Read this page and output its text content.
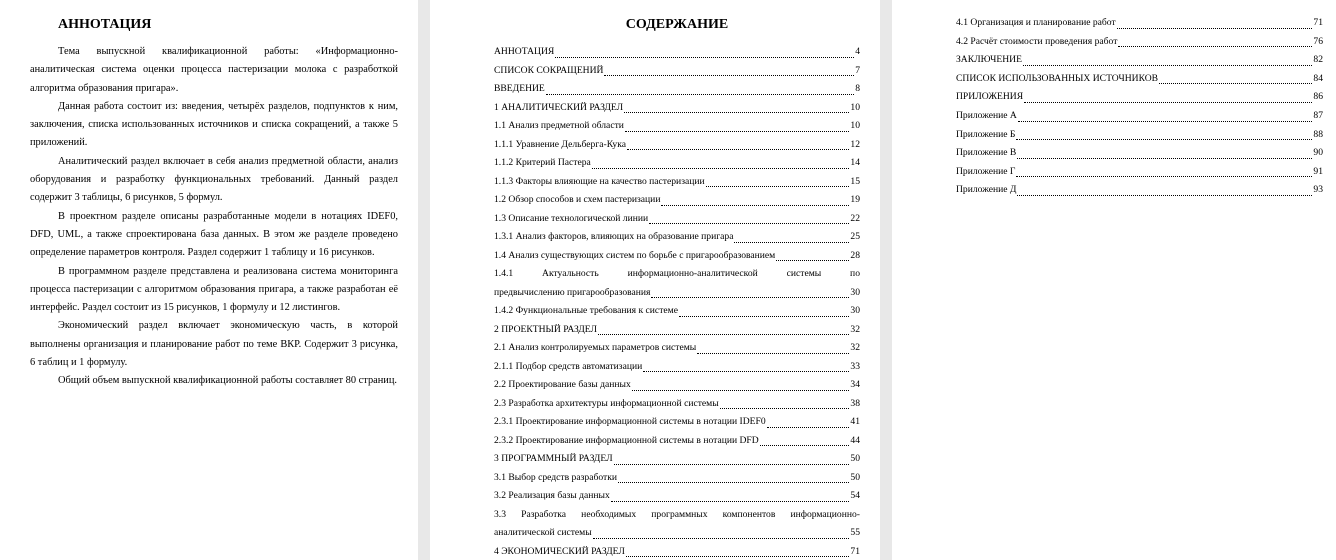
АННОТАЦИЯ

Тема выпускной квалификационной работы: «Информационно-аналитическая система оценки процесса пастеризации молока с разработкой алгоритма образования пригара».

Данная работа состоит из: введения, четырёх разделов, подпунктов к ним, заключения, списка использованных источников и списка сокращений, а также 5 приложений.

Аналитический раздел включает в себя анализ предметной области, анализ оборудования и разработку функциональных требований. Данный раздел содержит 3 таблицы, 6 рисунков, 5 формул.

В проектном разделе описаны разработанные модели в нотациях IDEF0, DFD, UML, а также спроектирована база данных. В этом же разделе проведено определение параметров контроля. Раздел содержит 1 таблицу и 16 рисунков.

В программном разделе представлена и реализована система мониторинга процесса пастеризации с алгоритмом образования пригара, а также разработан её интерфейс. Раздел состоит из 15 рисунков, 1 формулу и 12 листингов.

Экономический раздел включает экономическую часть, в которой выполнены организация и планирование работ по теме ВКР. Содержит 3 рисунка, 6 таблиц и 1 формулу.

Общий объем выпускной квалификационной работы составляет 80 страниц.

СОДЕРЖАНИЕ
АННОТАЦИЯ	4
СПИСОК СОКРАЩЕНИЙ	7
ВВЕДЕНИЕ	8
1 АНАЛИТИЧЕСКИЙ РАЗДЕЛ	10
1.1 Анализ предметной области	10
1.1.1 Уравнение Дельберга-Кука	12
1.1.2 Критерий Пастера	14
1.1.3 Факторы влияющие на качество пастеризации	15
1.2 Обзор способов и схем пастеризации	19
1.3 Описание технологической линии	22
1.3.1 Анализ факторов, влияющих на образование пригара	25
1.4 Анализ существующих систем по борьбе с пригарообразованием	28
1.4.1 Актуальность информационно-аналитической системы по
предвычислению пригарообразования	30
1.4.2 Функциональные требования к системе	30
2 ПРОЕКТНЫЙ РАЗДЕЛ	32
2.1 Анализ контролируемых параметров системы	32
2.1.1 Подбор средств автоматизации	33
2.2 Проектирование базы данных	34
2.3 Разработка архитектуры информационной системы	38
2.3.1 Проектирование информационной системы в нотации IDEF0	41
2.3.2 Проектирование информационной системы в нотации DFD	44
3 ПРОГРАММНЫЙ РАЗДЕЛ	50
3.1 Выбор средств разработки	50
3.2 Реализация базы данных	54
3.3 Разработка необходимых программных компонентов информационно-
аналитической системы	55
4 ЭКОНОМИЧЕСКИЙ РАЗДЕЛ	71
4.1 Организация и планирование работ	71
4.2 Расчёт стоимости проведения работ	76
ЗАКЛЮЧЕНИЕ	82
СПИСОК ИСПОЛЬЗОВАННЫХ ИСТОЧНИКОВ	84
ПРИЛОЖЕНИЯ	86
Приложение А	87
Приложение Б	88
Приложение В	90
Приложение Г	91
Приложение Д	93
